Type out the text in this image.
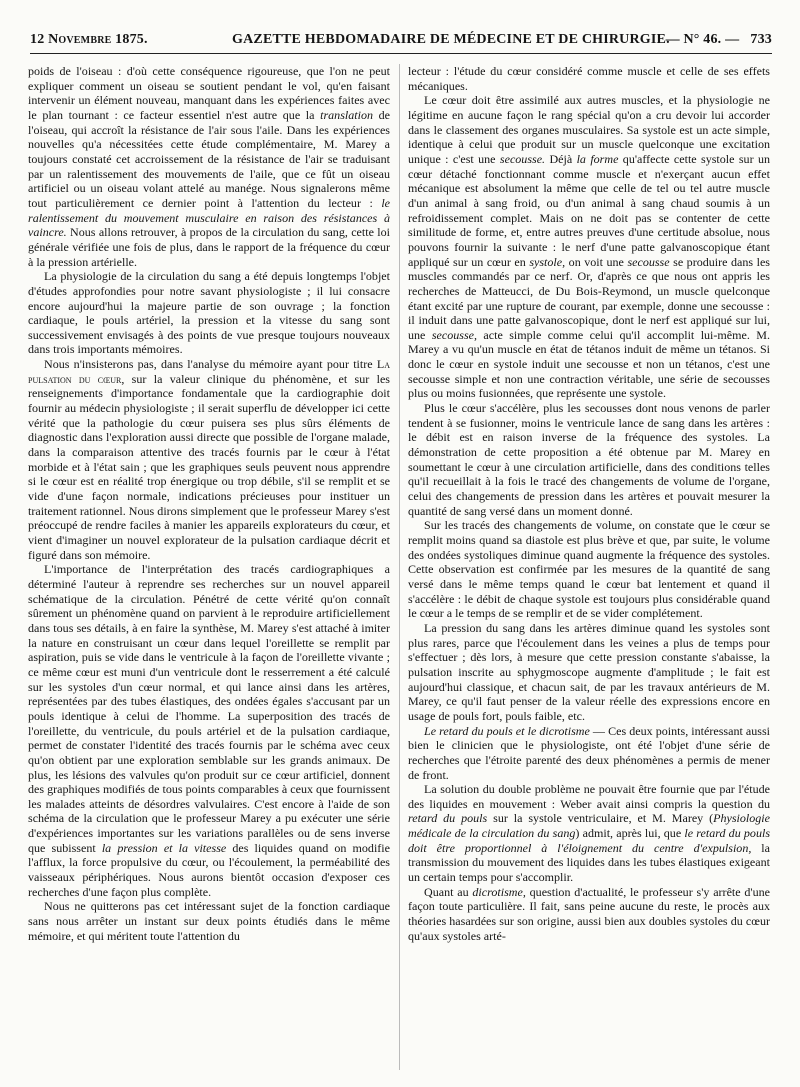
12 Novembre 1875.	GAZETTE HEBDOMADAIRE DE MÉDECINE ET DE CHIRURGIE.
— N° 46. — 733

poids de l'oiseau : d'où cette conséquence rigoureuse, que l'on ne peut expliquer comment un oiseau se soutient pendant le vol, qu'en faisant intervenir un élément nouveau, manquant dans les expériences faites avec le plan tournant : ce facteur essentiel n'est autre que la translation de l'oiseau, qui accroît la résistance de l'air sous l'aile. Dans les expériences nouvelles qu'a nécessitées cette étude complémentaire, M. Marey a toujours constaté cet accroissement de la résistance de l'air se traduisant par un ralentissement des mouvements de l'aile, que ce fût un oiseau artificiel ou un oiseau volant attelé au manége. Nous signalerons même tout particulièrement ce dernier point à l'attention du lecteur : le ralentissement du mouvement musculaire en raison des résistances à vaincre. Nous allons retrouver, à propos de la circulation du sang, cette loi générale vérifiée une fois de plus, dans le rapport de la fréquence du cœur à la pression artérielle.

La physiologie de la circulation du sang a été depuis longtemps l'objet d'études approfondies pour notre savant physiologiste ; il lui consacre encore aujourd'hui la majeure partie de son ouvrage ; la fonction cardiaque, le pouls artériel, la pression et la vitesse du sang sont successivement envisagés à des points de vue presque toujours nouveaux dans trois importants mémoires.

Nous n'insisterons pas, dans l'analyse du mémoire ayant pour titre La pulsation du cœur, sur la valeur clinique du phénomène, et sur les renseignements d'importance fondamentale que la cardiographie doit fournir au médecin physiologiste ; il serait superflu de développer ici cette vérité que la pathologie du cœur puisera ses plus sûrs éléments de diagnostic dans l'exploration aussi directe que possible de l'organe malade, dans la comparaison attentive des tracés fournis par le cœur à l'état morbide et à l'état sain ; que les graphiques seuls peuvent nous apprendre si le cœur est en réalité trop énergique ou trop débile, s'il se remplit et se vide d'une façon normale, indications précieuses pour instituer un traitement rationnel. Nous dirons simplement que le professeur Marey s'est préoccupé de rendre faciles à manier les appareils explorateurs du cœur, et vient d'imaginer un nouvel explorateur de la pulsation cardiaque décrit et figuré dans son mémoire.

L'importance de l'interprétation des tracés cardiographiques a déterminé l'auteur à reprendre ses recherches sur un nouvel appareil schématique de la circulation. Pénétré de cette vérité qu'on connaît sûrement un phénomène quand on parvient à le reproduire artificiellement dans tous ses détails, à en faire la synthèse, M. Marey s'est attaché à imiter la nature en construisant un cœur dans lequel l'oreillette se remplit par aspiration, puis se vide dans le ventricule à la façon de l'oreillette vivante ; ce même cœur est muni d'un ventricule dont le resserrement a été calculé sur les systoles d'un cœur normal, et qui lance ainsi dans les artères, représentées par des tubes élastiques, des ondées égales s'accusant par un pouls identique à celui de l'homme. La superposition des tracés de l'oreillette, du ventricule, du pouls artériel et de la pulsation cardiaque, permet de constater l'identité des tracés fournis par le schéma avec ceux qu'on obtient par une exploration semblable sur les grands animaux. De plus, les lésions des valvules qu'on produit sur ce cœur artificiel, donnent des graphiques modifiés de tous points comparables à ceux que fournissent les malades atteints de désordres valvulaires. C'est encore à l'aide de son schéma de la circulation que le professeur Marey a pu exécuter une série d'expériences importantes sur les variations parallèles ou de sens inverse que subissent la pression et la vitesse des liquides quand on modifie l'afflux, la force propulsive du cœur, ou l'écoulement, la perméabilité des vaisseaux périphériques. Nous aurons bientôt occasion d'exposer ces recherches d'une façon plus complète.

Nous ne quitterons pas cet intéressant sujet de la fonction cardiaque sans nous arrêter un instant sur deux points étudiés dans le même mémoire, et qui méritent toute l'attention du

lecteur : l'étude du cœur considéré comme muscle et celle de ses effets mécaniques.

Le cœur doit être assimilé aux autres muscles, et la physiologie ne légitime en aucune façon le rang spécial qu'on a cru devoir lui accorder dans le classement des organes musculaires. Sa systole est un acte simple, identique à celui que produit sur un muscle quelconque une excitation unique : c'est une secousse. Déjà la forme qu'affecte cette systole sur un cœur détaché fonctionnant comme muscle et n'exerçant aucun effet mécanique est absolument la même que celle de tel ou tel autre muscle d'un animal à sang froid, ou d'un animal à sang chaud soumis à un refroidissement complet. Mais on ne doit pas se contenter de cette similitude de forme, et, entre autres preuves d'une certitude absolue, nous pouvons fournir la suivante : le nerf d'une patte galvanoscopique étant appliqué sur un cœur en systole, on voit une secousse se produire dans les muscles commandés par ce nerf. Or, d'après ce que nous ont appris les recherches de Matteucci, de Du Bois-Reymond, un muscle quelconque étant excité par une rupture de courant, par exemple, donne une secousse : il induit dans une patte galvanoscopique, dont le nerf est appliqué sur lui, une secousse, acte simple comme celui qu'il accomplit lui-même. M. Marey a vu qu'un muscle en état de tétanos induit de même un tétanos. Si donc le cœur en systole induit une secousse et non un tétanos, c'est une secousse simple et non une contraction véritable, une série de secousses plus ou moins fusionnées, que représente une systole.

Plus le cœur s'accélère, plus les secousses dont nous venons de parler tendent à se fusionner, moins le ventricule lance de sang dans les artères : le débit est en raison inverse de la fréquence des systoles. La démonstration de cette proposition a été obtenue par M. Marey en soumettant le cœur à une circulation artificielle, dans des conditions telles qu'il recueillait à la fois le tracé des changements de volume de l'organe, celui des changements de pression dans les artères et pouvait mesurer la quantité de sang versé dans un moment donné.

Sur les tracés des changements de volume, on constate que le cœur se remplit moins quand sa diastole est plus brève et que, par suite, le volume des ondées systoliques diminue quand augmente la fréquence des systoles. Cette observation est confirmée par les mesures de la quantité de sang versé dans le même temps quand le cœur bat lentement et quand il s'accélère : le débit de chaque systole est toujours plus considérable quand le cœur a le temps de se remplir et de se vider complétement.

La pression du sang dans les artères diminue quand les systoles sont plus rares, parce que l'écoulement dans les veines a plus de temps pour s'effectuer ; dès lors, à mesure que cette pression constante s'abaisse, la pulsation inscrite au sphygmoscope augmente d'amplitude ; le fait est aujourd'hui classique, et chacun sait, de par les travaux antérieurs de M. Marey, ce qu'il faut penser de la valeur réelle des expressions encore en usage de pouls fort, pouls faible, etc.

Le retard du pouls et le dicrotisme — Ces deux points, intéressant aussi bien le clinicien que le physiologiste, ont été l'objet d'une série de recherches que l'étroite parenté des deux phénomènes a permis de mener de front.

La solution du double problème ne pouvait être fournie que par l'étude des liquides en mouvement : Weber avait ainsi compris la question du retard du pouls sur la systole ventriculaire, et M. Marey (Physiologie médicale de la circulation du sang) admit, après lui, que le retard du pouls doit être proportionnel à l'éloignement du centre d'expulsion, la transmission du mouvement des liquides dans les tubes élastiques exigeant un certain temps pour s'accomplir.

Quant au dicrotisme, question d'actualité, le professeur s'y arrête d'une façon toute particulière. Il fait, sans peine aucune du reste, le procès aux théories hasardées sur son origine, aussi bien aux doubles systoles du cœur qu'aux systoles arté-
